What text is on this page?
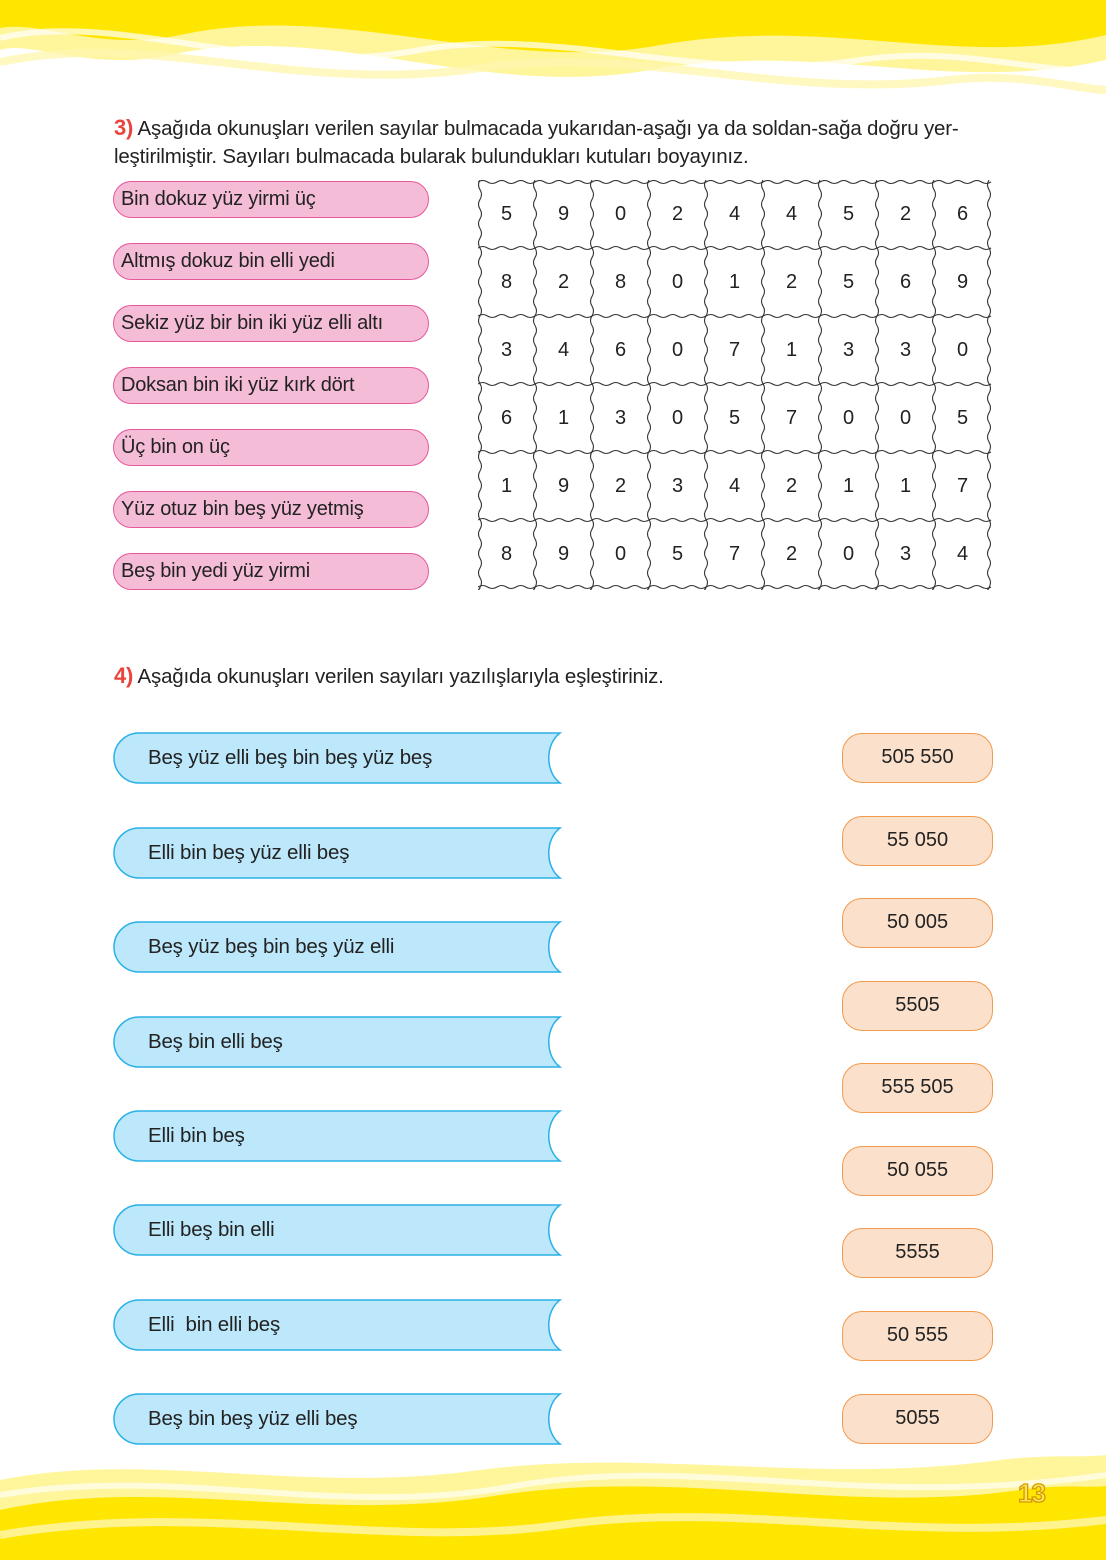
3) Aşağıda okunuşları verilen sayılar bulmacada yukarıdan-aşağı ya da soldan-sağa doğru yer-
leştirilmiştir. Sayıları bulmacada bularak bulundukları kutuları boyayınız.
Bin dokuz yüz yirmi üç
Altmış dokuz bin elli yedi
Sekiz yüz bir bin iki yüz elli altı
Doksan bin iki yüz kırk dört
Üç bin on üç
Yüz otuz bin beş yüz yetmiş
Beş bin yedi yüz yirmi
5	9	0	2	4	4	5	2	6
8	2	8	0	1	2	5	6	9
3	4	6	0	7	1	3	3	0
6	1	3	0	5	7	0	0	5
1	9	2	3	4	2	1	1	7
8	9	0	5	7	2	0	3	4
4) Aşağıda okunuşları verilen sayıları yazılışlarıyla eşleştiriniz.
Beş yüz elli beş bin beş yüz beş
Elli bin beş yüz elli beş
Beş yüz beş bin beş yüz elli
Beş bin elli beş
Elli bin beş
Elli beş bin elli
Elli  bin elli beş
Beş bin beş yüz elli beş
505 550
55 050
50 005
5505
555 505
50 055
5555
50 555
5055
13
